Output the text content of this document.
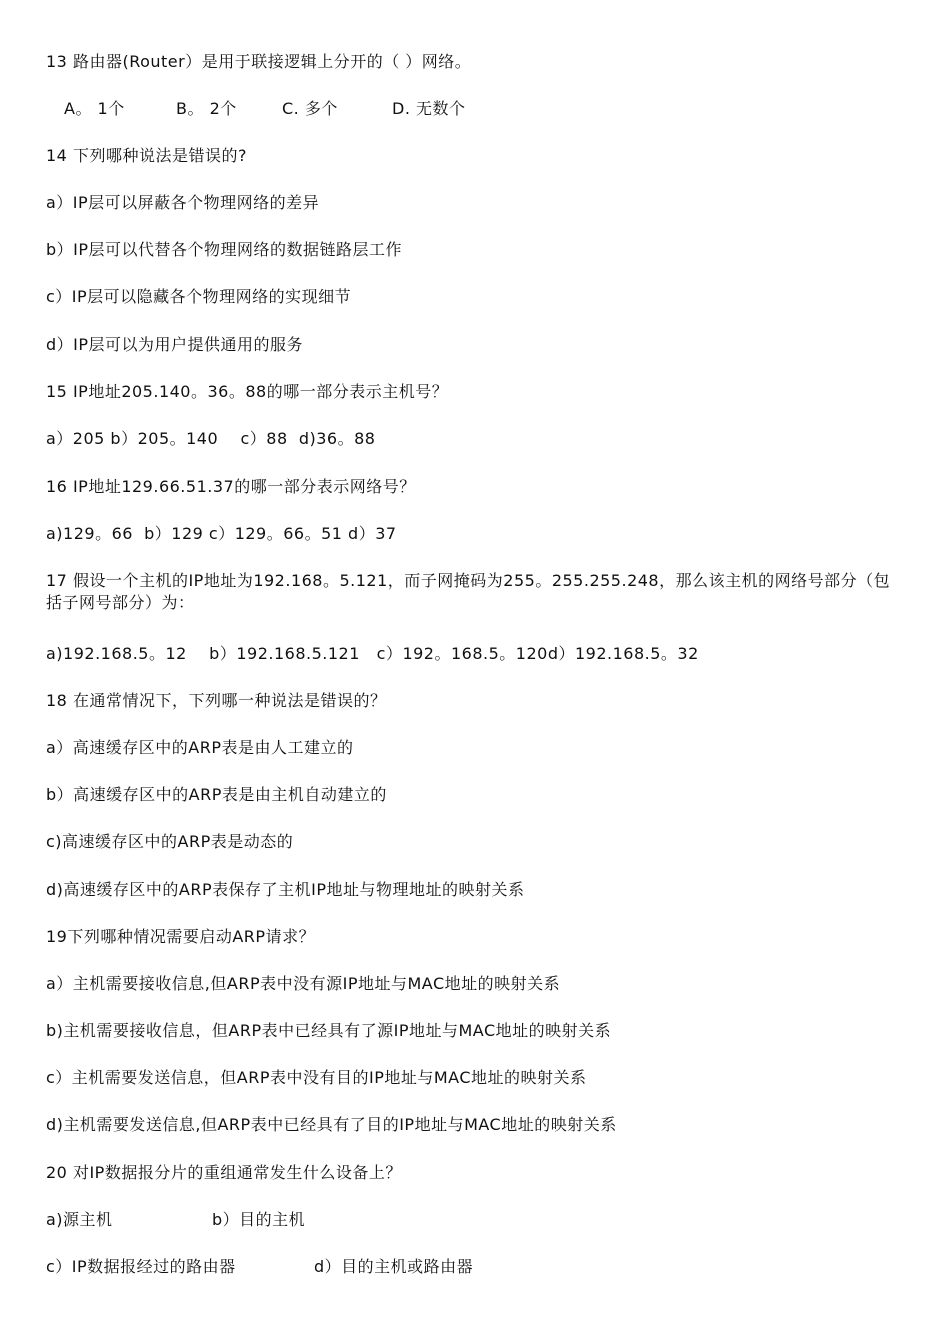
13 路由器(Router）是用于联接逻辑上分开的（ ）网络。
A。 1个	B。 2个	C. 多个	D. 无数个
14 下列哪种说法是错误的?
a）IP层可以屏蔽各个物理网络的差异
b）IP层可以代替各个物理网络的数据链路层工作
c）IP层可以隐藏各个物理网络的实现细节
d）IP层可以为用户提供通用的服务
15 IP地址205.140。36。88的哪一部分表示主机号？
a）205 b）205。140    c）88  d)36。88
16 IP地址129.66.51.37的哪一部分表示网络号？
a)129。66  b）129 c）129。66。51 d）37
17 假设一个主机的IP地址为192.168。5.121，而子网掩码为255。255.255.248，那么该主机的网络号部分（包括子网号部分）为：
a)192.168.5。12    b）192.168.5.121   c）192。168.5。120d）192.168.5。32
18 在通常情况下，下列哪一种说法是错误的？
a）高速缓存区中的ARP表是由人工建立的
b）高速缓存区中的ARP表是由主机自动建立的
c)高速缓存区中的ARP表是动态的
d)高速缓存区中的ARP表保存了主机IP地址与物理地址的映射关系
19下列哪种情况需要启动ARP请求？
a）主机需要接收信息,但ARP表中没有源IP地址与MAC地址的映射关系
b)主机需要接收信息，但ARP表中已经具有了源IP地址与MAC地址的映射关系
c）主机需要发送信息，但ARP表中没有目的IP地址与MAC地址的映射关系
d)主机需要发送信息,但ARP表中已经具有了目的IP地址与MAC地址的映射关系
20 对IP数据报分片的重组通常发生什么设备上？
a)源主机	b）目的主机
c）IP数据报经过的路由器	d）目的主机或路由器
